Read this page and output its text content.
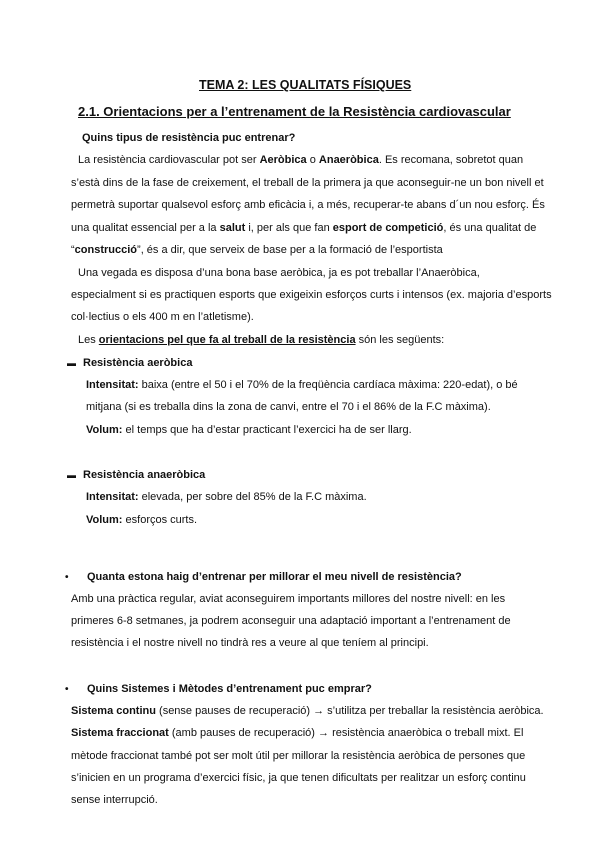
TEMA 2: LES QUALITATS FÍSIQUES
2.1. Orientacions per a l’entrenament de la Resistència cardiovascular
Quins tipus de resistència puc entrenar?
La resistència cardiovascular pot ser Aeròbica o Anaeròbica. Es recomana, sobretot quan
s’està dins de la fase de creixement, el treball de la primera ja que aconseguir-ne un bon nivell et
permetrà suportar qualsevol esforç amb eficàcia i, a més, recuperar-te abans d´un nou esforç. És
una qualitat essencial per a la salut i, per als que fan esport de competició, és una qualitat de
“construcció”, és a dir, que serveix de base per a la formació de l’esportista
Una vegada es disposa d’una bona base aeròbica, ja es pot treballar l’Anaeròbica,
especialment si es practiquen esports que exigeixin esforços curts i intensos (ex. majoria d’esports
col·lectius o els 400 m en l’atletisme).
Les orientacions pel que fa al treball de la resistència són les següents:
▬ Resistència aeròbica
Intensitat: baixa (entre el 50 i el 70% de la freqüència cardíaca màxima: 220-edat), o bé
mitjana (si es treballa dins la zona de canvi, entre el 70 i el 86% de la F.C màxima).
Volum: el temps que ha d’estar practicant l’exercici ha de ser llarg.
▬ Resistència anaeròbica
Intensitat: elevada, per sobre del 85% de la F.C màxima.
Volum: esforços curts.
• Quanta estona haig d’entrenar per millorar el meu nivell de resistència?
Amb una pràctica regular, aviat aconseguirem importants millores del nostre nivell: en les
primeres 6-8 setmanes, ja podrem aconseguir una adaptació important a l’entrenament de
resistència i el nostre nivell no tindrà res a veure al que teníem al principi.
• Quins Sistemes i Mètodes d’entrenament puc emprar?
Sistema continu (sense pauses de recuperació) → s’utilitza per treballar la resistència aeròbica.
Sistema fraccionat (amb pauses de recuperació) → resistència anaeròbica o treball mixt. El
mètode fraccionat també pot ser molt útil per millorar la resistència aeròbica de persones que
s’inicien en un programa d’exercici físic, ja que tenen dificultats per realitzar un esforç continu
sense interrupció.
